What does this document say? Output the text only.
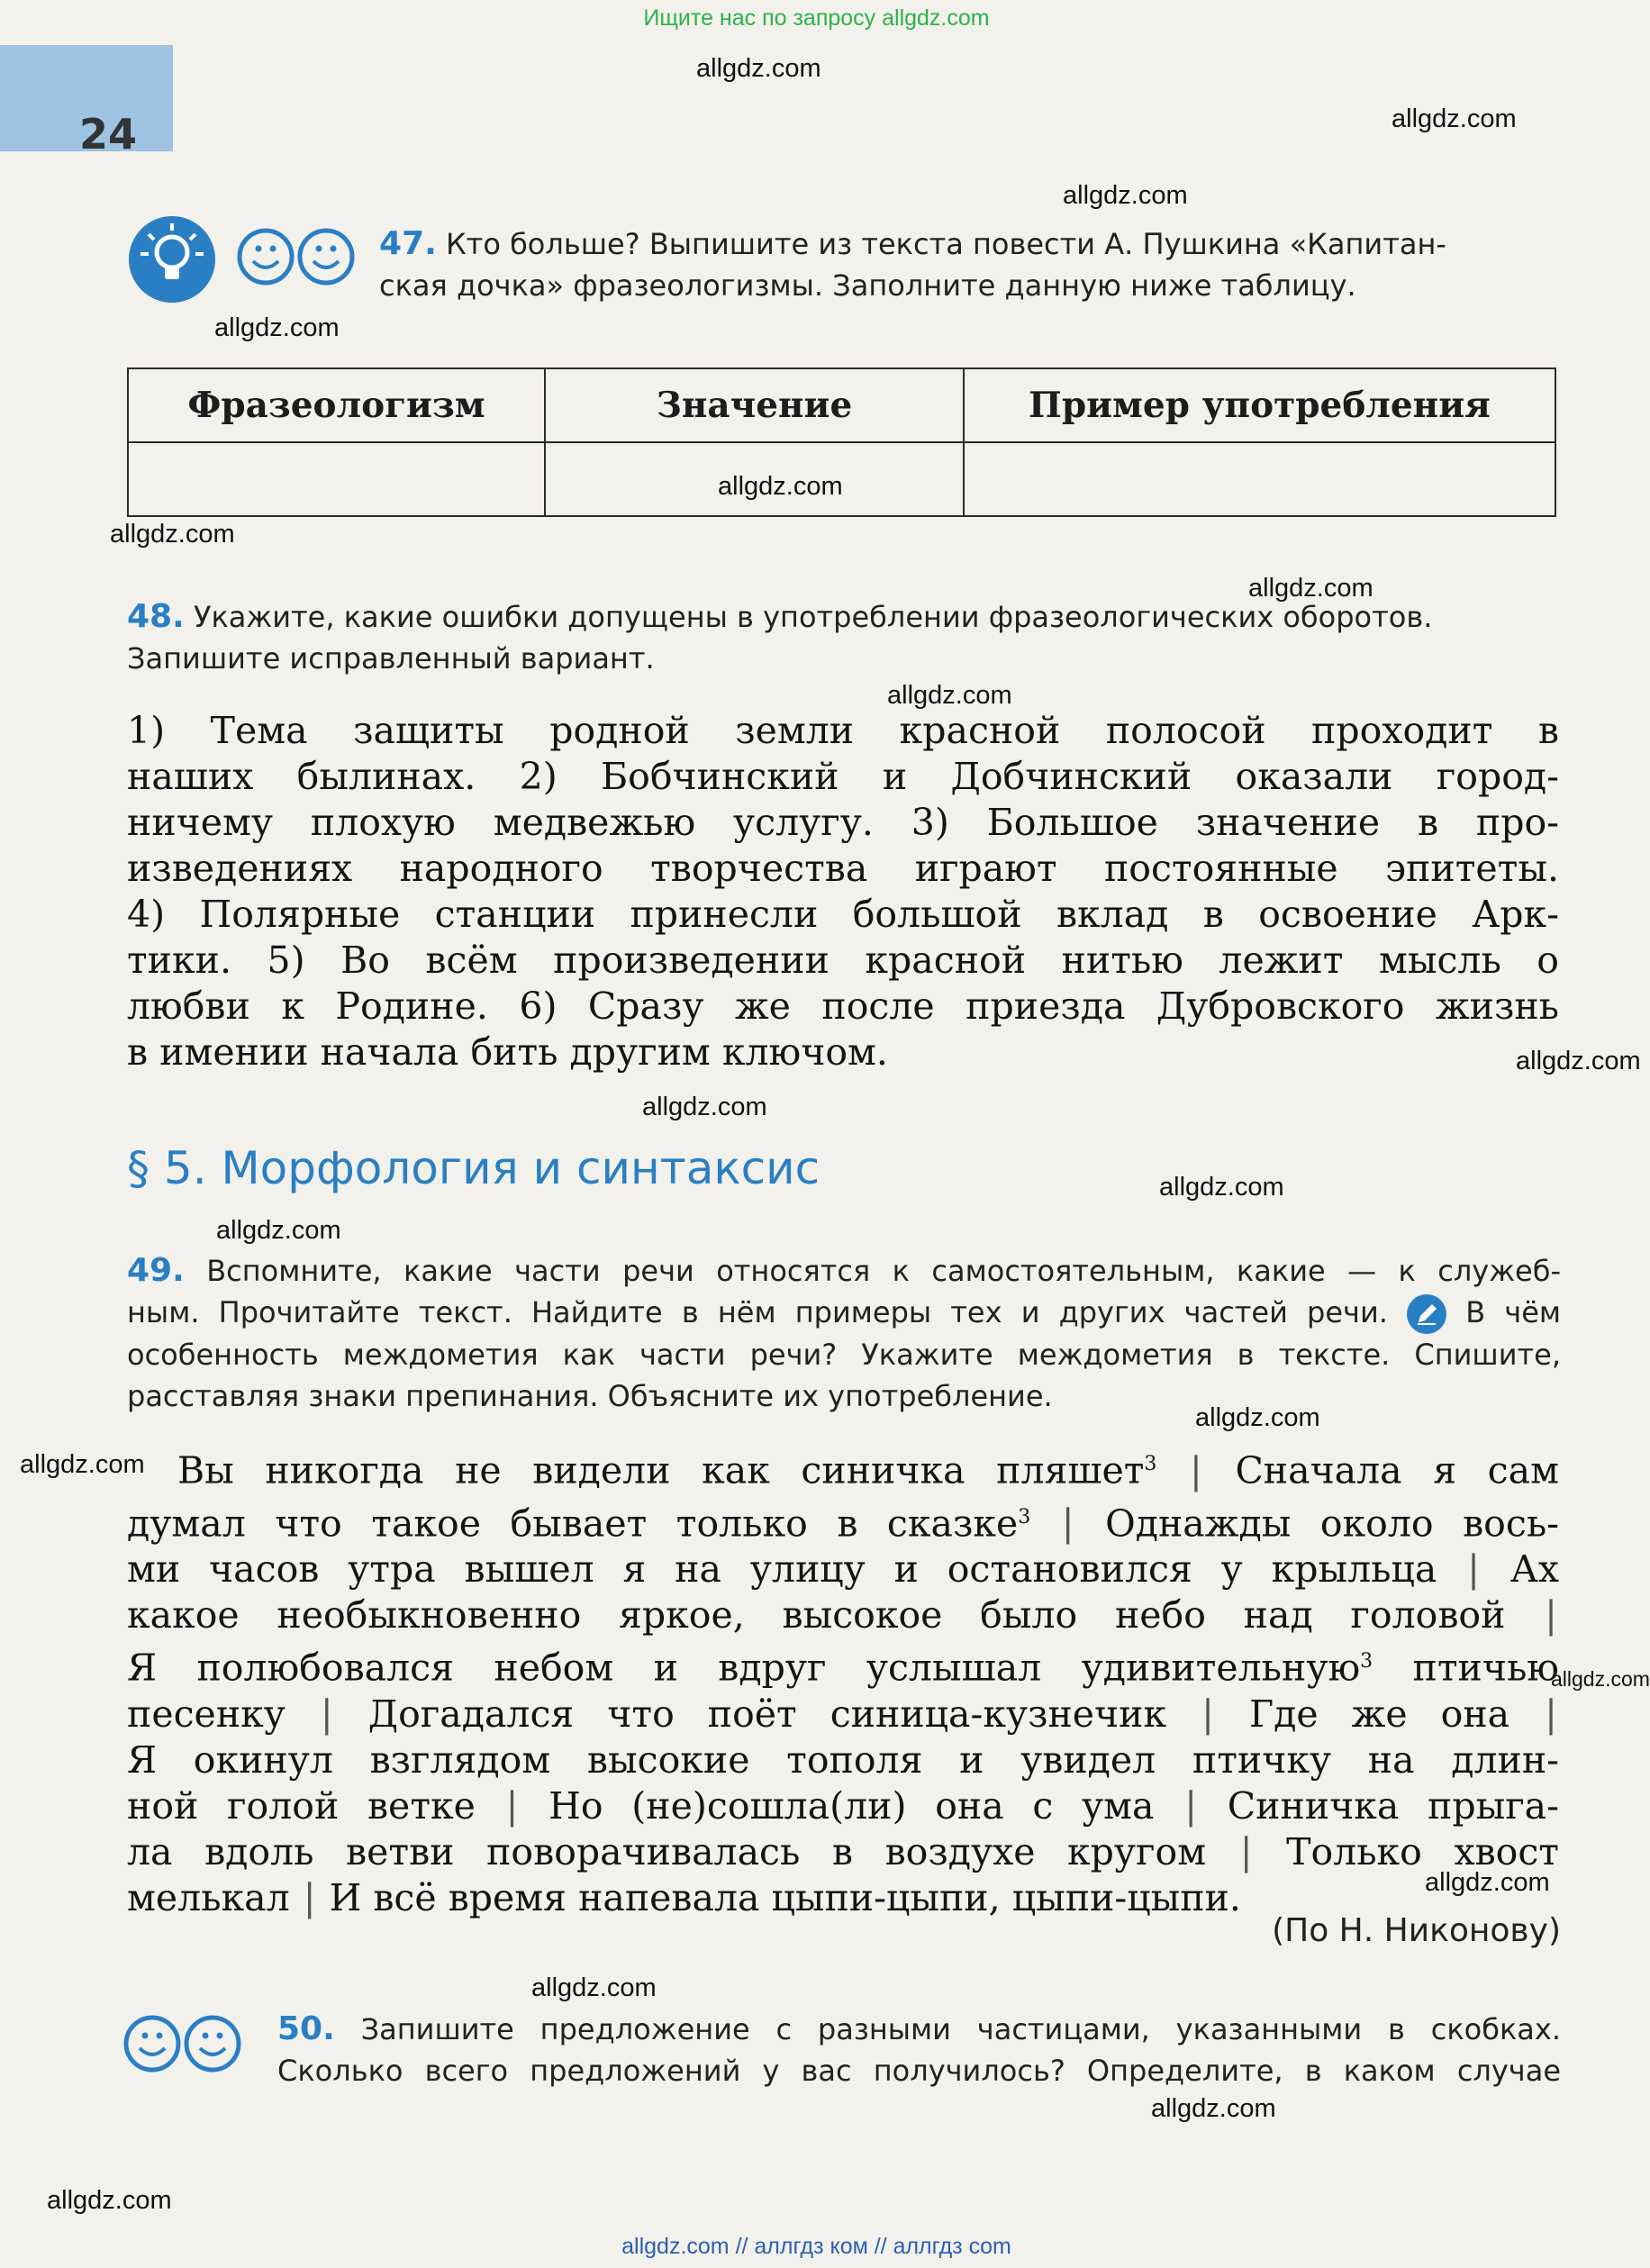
Ищите нас по запросу allgdz.com
allgdz.com // аллгдз ком // аллгдз com
24
allgdz.com
allgdz.com
allgdz.com
allgdz.com
allgdz.com
allgdz.com
allgdz.com
allgdz.com
allgdz.com
allgdz.com
allgdz.com
allgdz.com
allgdz.com
allgdz.com
allgdz.com
allgdz.com
allgdz.com
allgdz.com
allgdz.com
47. Кто больше? Выпишите из текста повести А. Пушкина «Капитан-
ская дочка» фразеологизмы. Заполните данную ниже таблицу.
Фразеологизм	Значение	Пример употребления

48. Укажите, какие ошибки допущены в употреблении фразеологических оборотов.
Запишите исправленный вариант.
1) Тема защиты родной земли красной полосой проходит в
наших былинах. 2) Бобчинский и Добчинский оказали город-
ничему плохую медвежью услугу. 3) Большое значение в про-
изведениях народного творчества играют постоянные эпитеты.
4) Полярные станции принесли большой вклад в освоение Арк-
тики. 5) Во всём произведении красной нитью лежит мысль о
любви к Родине. 6) Сразу же после приезда Дубровского жизнь
в имении начала бить другим ключом.
§ 5. Морфология и синтаксис
49. Вспомните, какие части речи относятся к самостоятельным, какие — к служеб-
ным. Прочитайте текст. Найдите в нём примеры тех и других частей речи.	В чём
особенность междометия как части речи? Укажите междометия в тексте. Спишите,
расставляя знаки препинания. Объясните их употребление.
Вы никогда не видели как синичка пляшет$^3$ | Сначала я сам
думал что такое бывает только в сказке$^3$ | Однажды около вось-
ми часов утра вышел я на улицу и остановился у крыльца | Ах
какое необыкновенно яркое, высокое было небо над головой |
Я полюбовался небом и вдруг услышал удивительную$^3$ птичью
песенку | Догадался что поёт синица-кузнечик | Где же она |
Я окинул взглядом высокие тополя и увидел птичку на длин-
ной голой ветке | Но (не)сошла(ли) она с ума | Синичка прыга-
ла вдоль ветви поворачивалась в воздухе кругом | Только хвост
мелькал | И всё время напевала цыпи-цыпи, цыпи-цыпи.
(По Н. Никонову)
50. Запишите предложение с разными частицами, указанными в скобках.
Сколько всего предложений у вас получилось? Определите, в каком случае
